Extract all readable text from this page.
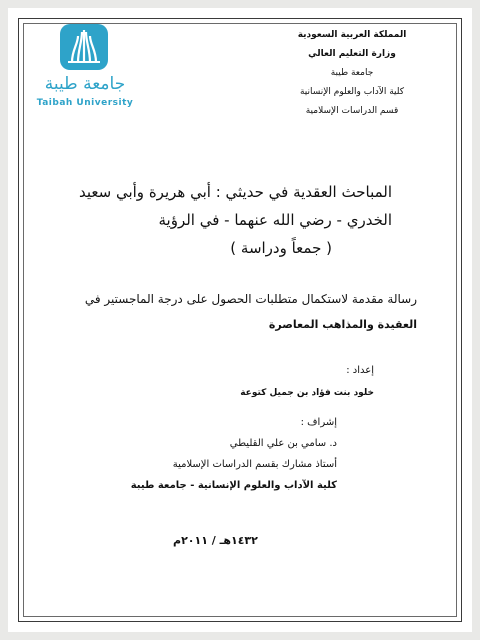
جامعة طيبة
Taibah University
المملكة العربية السعودية
وزارة التعليم العالي
جامعة طيبة
كلية الآداب والعلوم الإنسانية
قسم الدراسات الإسلامية
المباحث العقدية في حديثي : أبي هريرة وأبي سعيد
الخدري - رضي الله عنهما - في الرؤية
( جمعاً ودراسة )
رسالة مقدمة لاستكمال متطلبات الحصول على درجة الماجستير في
العقيدة والمذاهب المعاصرة
إعداد :
خلود بنت فؤاد بن جميل كتوعة
إشراف :
د. سامي بن علي القليطي
أستاذ مشارك بقسم الدراسات الإسلامية
كلية الآداب والعلوم الإنسانية - جامعة طيبة
١٤٣٢هـ / ٢٠١١م
